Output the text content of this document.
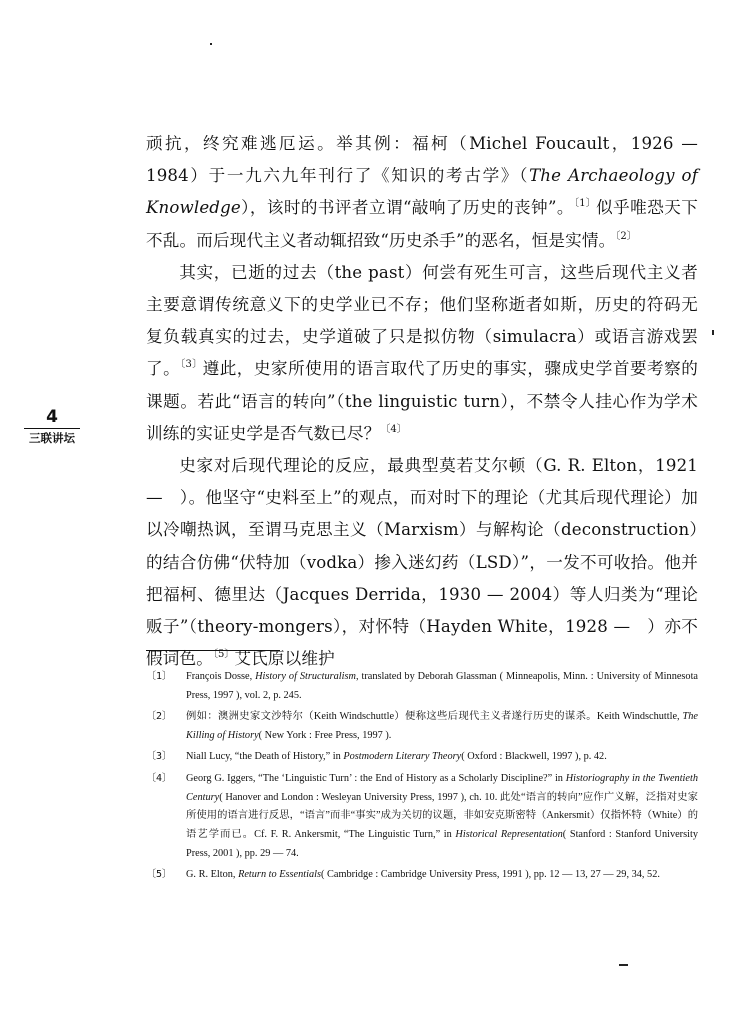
顽抗，终究难逃厄运。举其例：福柯（Michel Foucault，1926 — 1984）于一九六九年刊行了《知识的考古学》（The Archaeology of Knowledge），该时的书评者立谓“敲响了历史的丧钟”。$^{〔1〕}$似乎唯恐天下不乱。而后现代主义者动辄招致“历史杀手”的恶名，恒是实情。$^{〔2〕}$

其实，已逝的过去（the past）何尝有死生可言，这些后现代主义者主要意谓传统意义下的史学业已不存；他们坚称逝者如斯，历史的符码无复负载真实的过去，史学道破了只是拟仿物（simulacra）或语言游戏罢了。$^{〔3〕}$遵此，史家所使用的语言取代了历史的事实，骤成史学首要考察的课题。若此“语言的转向”（the linguistic turn），不禁令人挂心作为学术训练的实证史学是否气数已尽？$^{〔4〕}$

史家对后现代理论的反应，最典型莫若艾尔顿（G. R. Elton，1921 —　）。他坚守“史料至上”的观点，而对时下的理论（尤其后现代理论）加以冷嘲热讽，至谓马克思主义（Marxism）与解构论（deconstruction）的结合仿佛“伏特加（vodka）掺入迷幻药（LSD）”，一发不可收拾。他并把福柯、德里达（Jacques Derrida，1930 — 2004）等人归类为“理论贩子”（theory-mongers），对怀特（Hayden White，1928 —　）亦不假词色。$^{〔5〕}$艾氏原以维护

4
三联讲坛
〔1〕	François Dosse, History of Structuralism, translated by Deborah Glassman ( Minneapolis, Minn. : University of Minnesota Press, 1997 ), vol. 2, p. 245.
〔2〕	例如：澳洲史家文沙特尔（Keith Windschuttle）便称这些后现代主义者遂行历史的谋杀。Keith Windschuttle, The Killing of History( New York : Free Press, 1997 ).
〔3〕	Niall Lucy, “the Death of History,” in Postmodern Literary Theory( Oxford : Blackwell, 1997 ), p. 42.
〔4〕	Georg G. Iggers, “The ‘Linguistic Turn’ : the End of History as a Scholarly Discipline?” in Historiography in the Twentieth Century( Hanover and London : Wesleyan University Press, 1997 ), ch. 10. 此处“语言的转向”应作广义解，泛指对史家所使用的语言进行反思，“语言”而非“事实”成为关切的议题，非如安克斯密特（Ankersmit）仅指怀特（White）的语艺学而已。Cf. F. R. Ankersmit, “The Linguistic Turn,” in Historical Representation( Stanford : Stanford University Press, 2001 ), pp. 29 — 74.
〔5〕	G. R. Elton, Return to Essentials( Cambridge : Cambridge University Press, 1991 ), pp. 12 — 13, 27 — 29, 34, 52.
